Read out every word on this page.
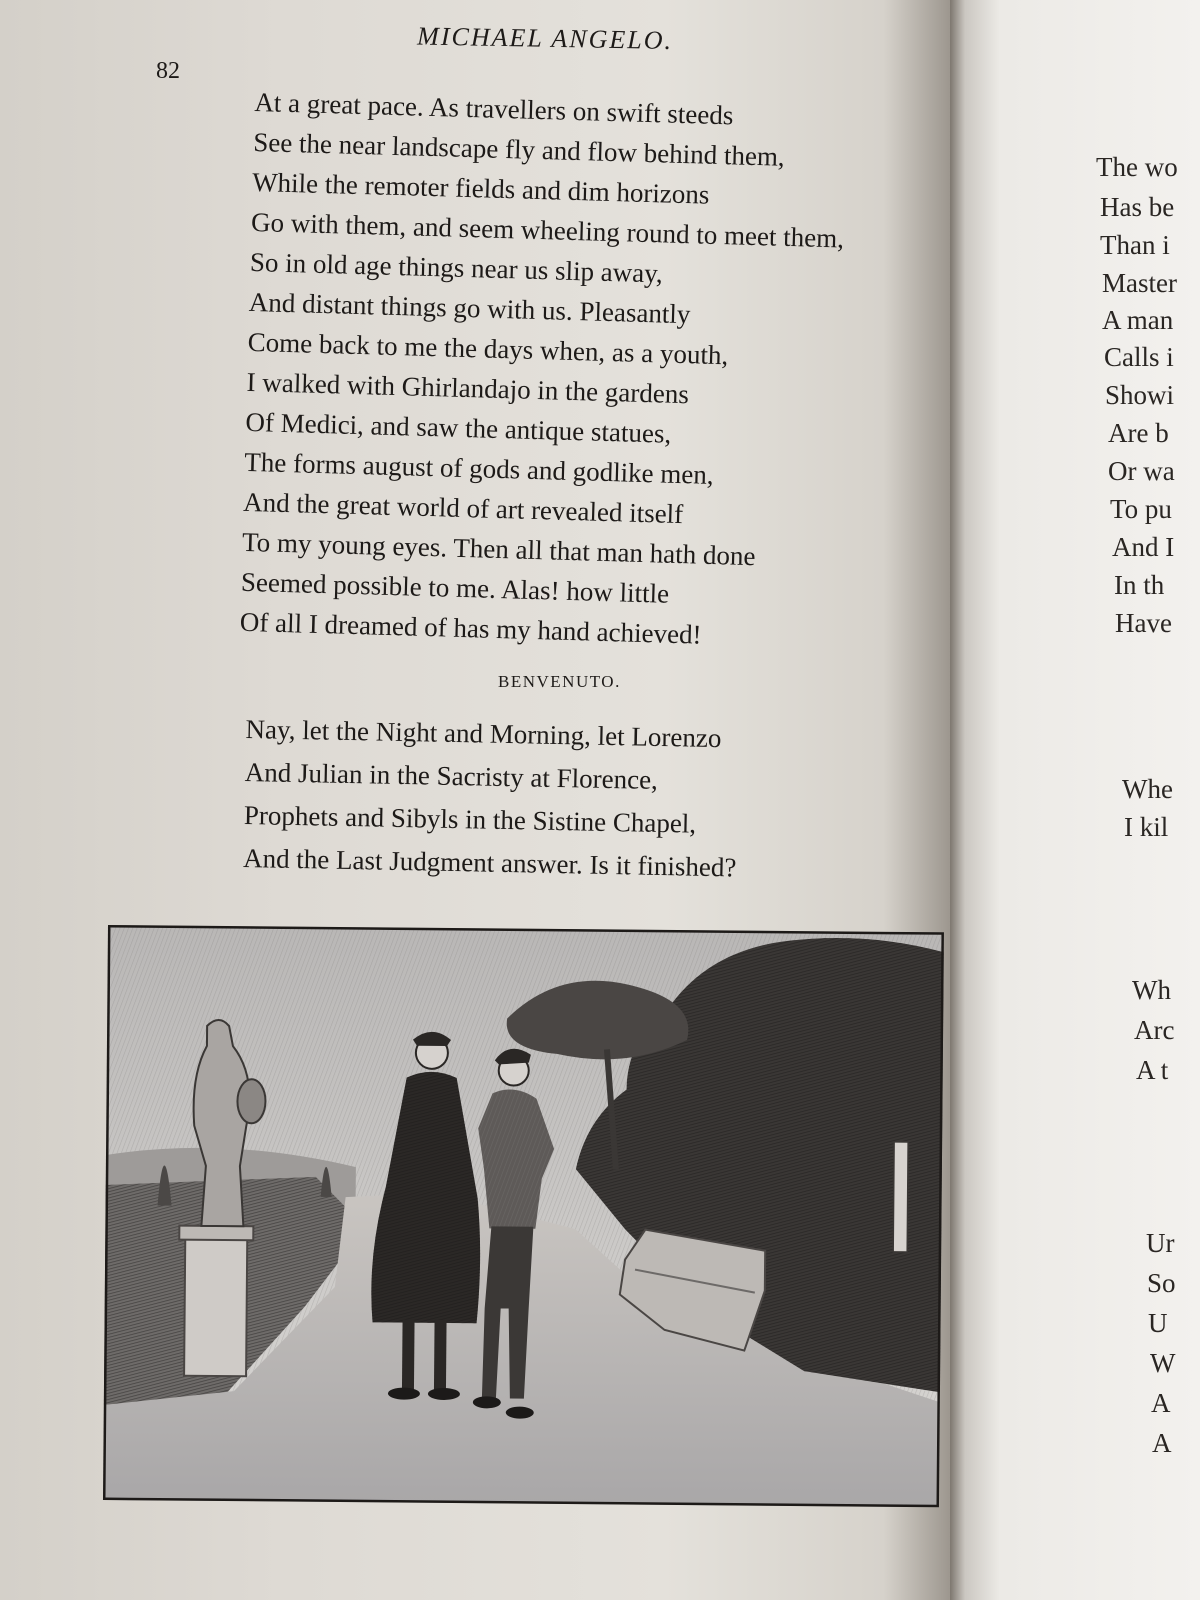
MICHAEL ANGELO.
82
At a great pace. As travellers on swift steeds
See the near landscape fly and flow behind them,
While the remoter fields and dim horizons
Go with them, and seem wheeling round to meet them,
So in old age things near us slip away,
And distant things go with us. Pleasantly
Come back to me the days when, as a youth,
I walked with Ghirlandajo in the gardens
Of Medici, and saw the antique statues,
The forms august of gods and godlike men,
And the great world of art revealed itself
To my young eyes. Then all that man hath done
Seemed possible to me. Alas! how little
Of all I dreamed of has my hand achieved!
BENVENUTO.
Nay, let the Night and Morning, let Lorenzo
And Julian in the Sacristy at Florence,
Prophets and Sibyls in the Sistine Chapel,
And the Last Judgment answer. Is it finished?
The wo
Has be
Than i
Master
A man
Calls i
Showi
Are b
Or wa
To pu
And I
In th
Have
Whe
I kil
Wh
Arc
A t
Ur
So
U
W
A
A
